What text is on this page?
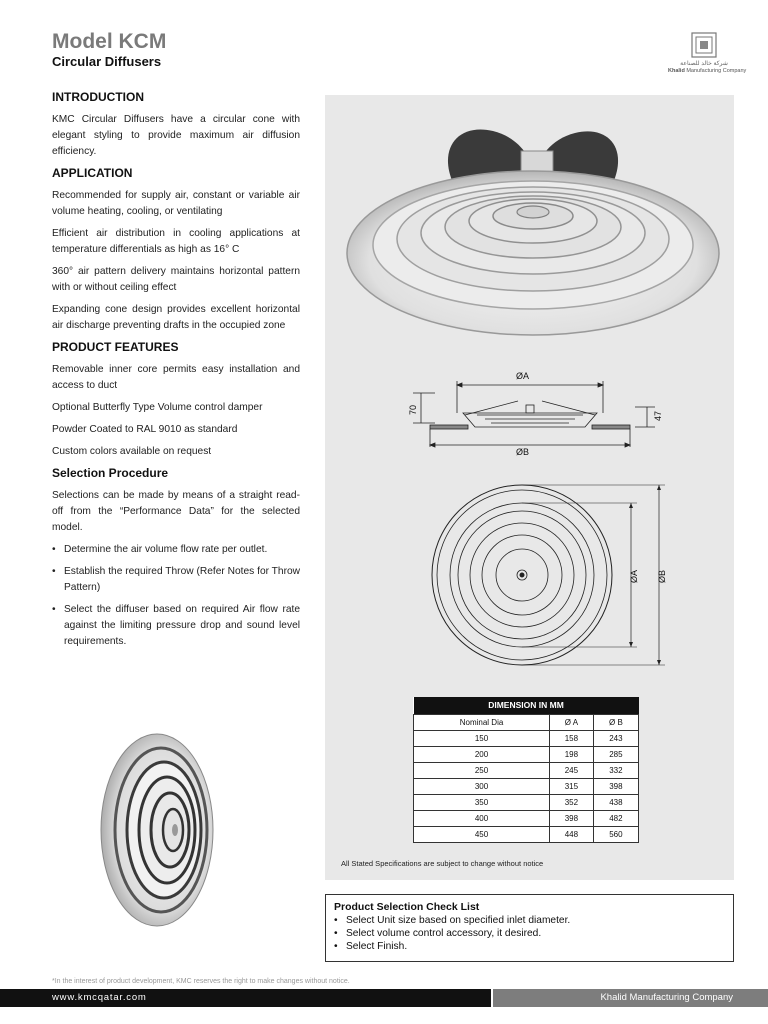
Model KCM
Circular Diffusers	شركة خالد للصناعة
Khalid Manufacturing Company
INTRODUCTION
KMC Circular Diffusers have a circular cone with elegant styling to provide maximum air diffusion efficiency.
APPLICATION
Recommended for supply air, constant or variable air volume heating, cooling, or ventilating
Efficient air distribution in cooling applications at temperature differentials as high as 16° C
360° air pattern delivery maintains horizontal pattern with or without ceiling effect
Expanding cone design provides excellent horizontal air discharge preventing drafts in the occupied zone
PRODUCT FEATURES
Removable inner core permits easy installation and access to duct
Optional Butterfly Type Volume control damper
Powder Coated to RAL 9010 as standard
Custom colors available on request
Selection Procedure
Selections can be made by means of a straight read-off from the “Performance Data” for the selected model.
• Determine the air volume flow rate per outlet.
• Establish the required Throw (Refer Notes for Throw Pattern)
• Select the diffuser based on required Air flow rate against the limiting pressure drop and sound level requirements.
ØA
ØB
70
47
ØA ØB
DIMENSION IN MM		
Nominal Dia	Ø A	Ø B
150	158	243
200	198	285
250	245	332
300	315	398
350	352	438
400	398	482
450	448	560
All Stated Specifications are subject to change without notice
Product Selection Check List
• Select Unit size based on specified inlet diameter.
• Select volume control accessory, it desired.
• Select Finish.
*In the interest of product development, KMC reserves the right to make changes without notice.
www.kmcqatar.com	Khalid Manufacturing Company
